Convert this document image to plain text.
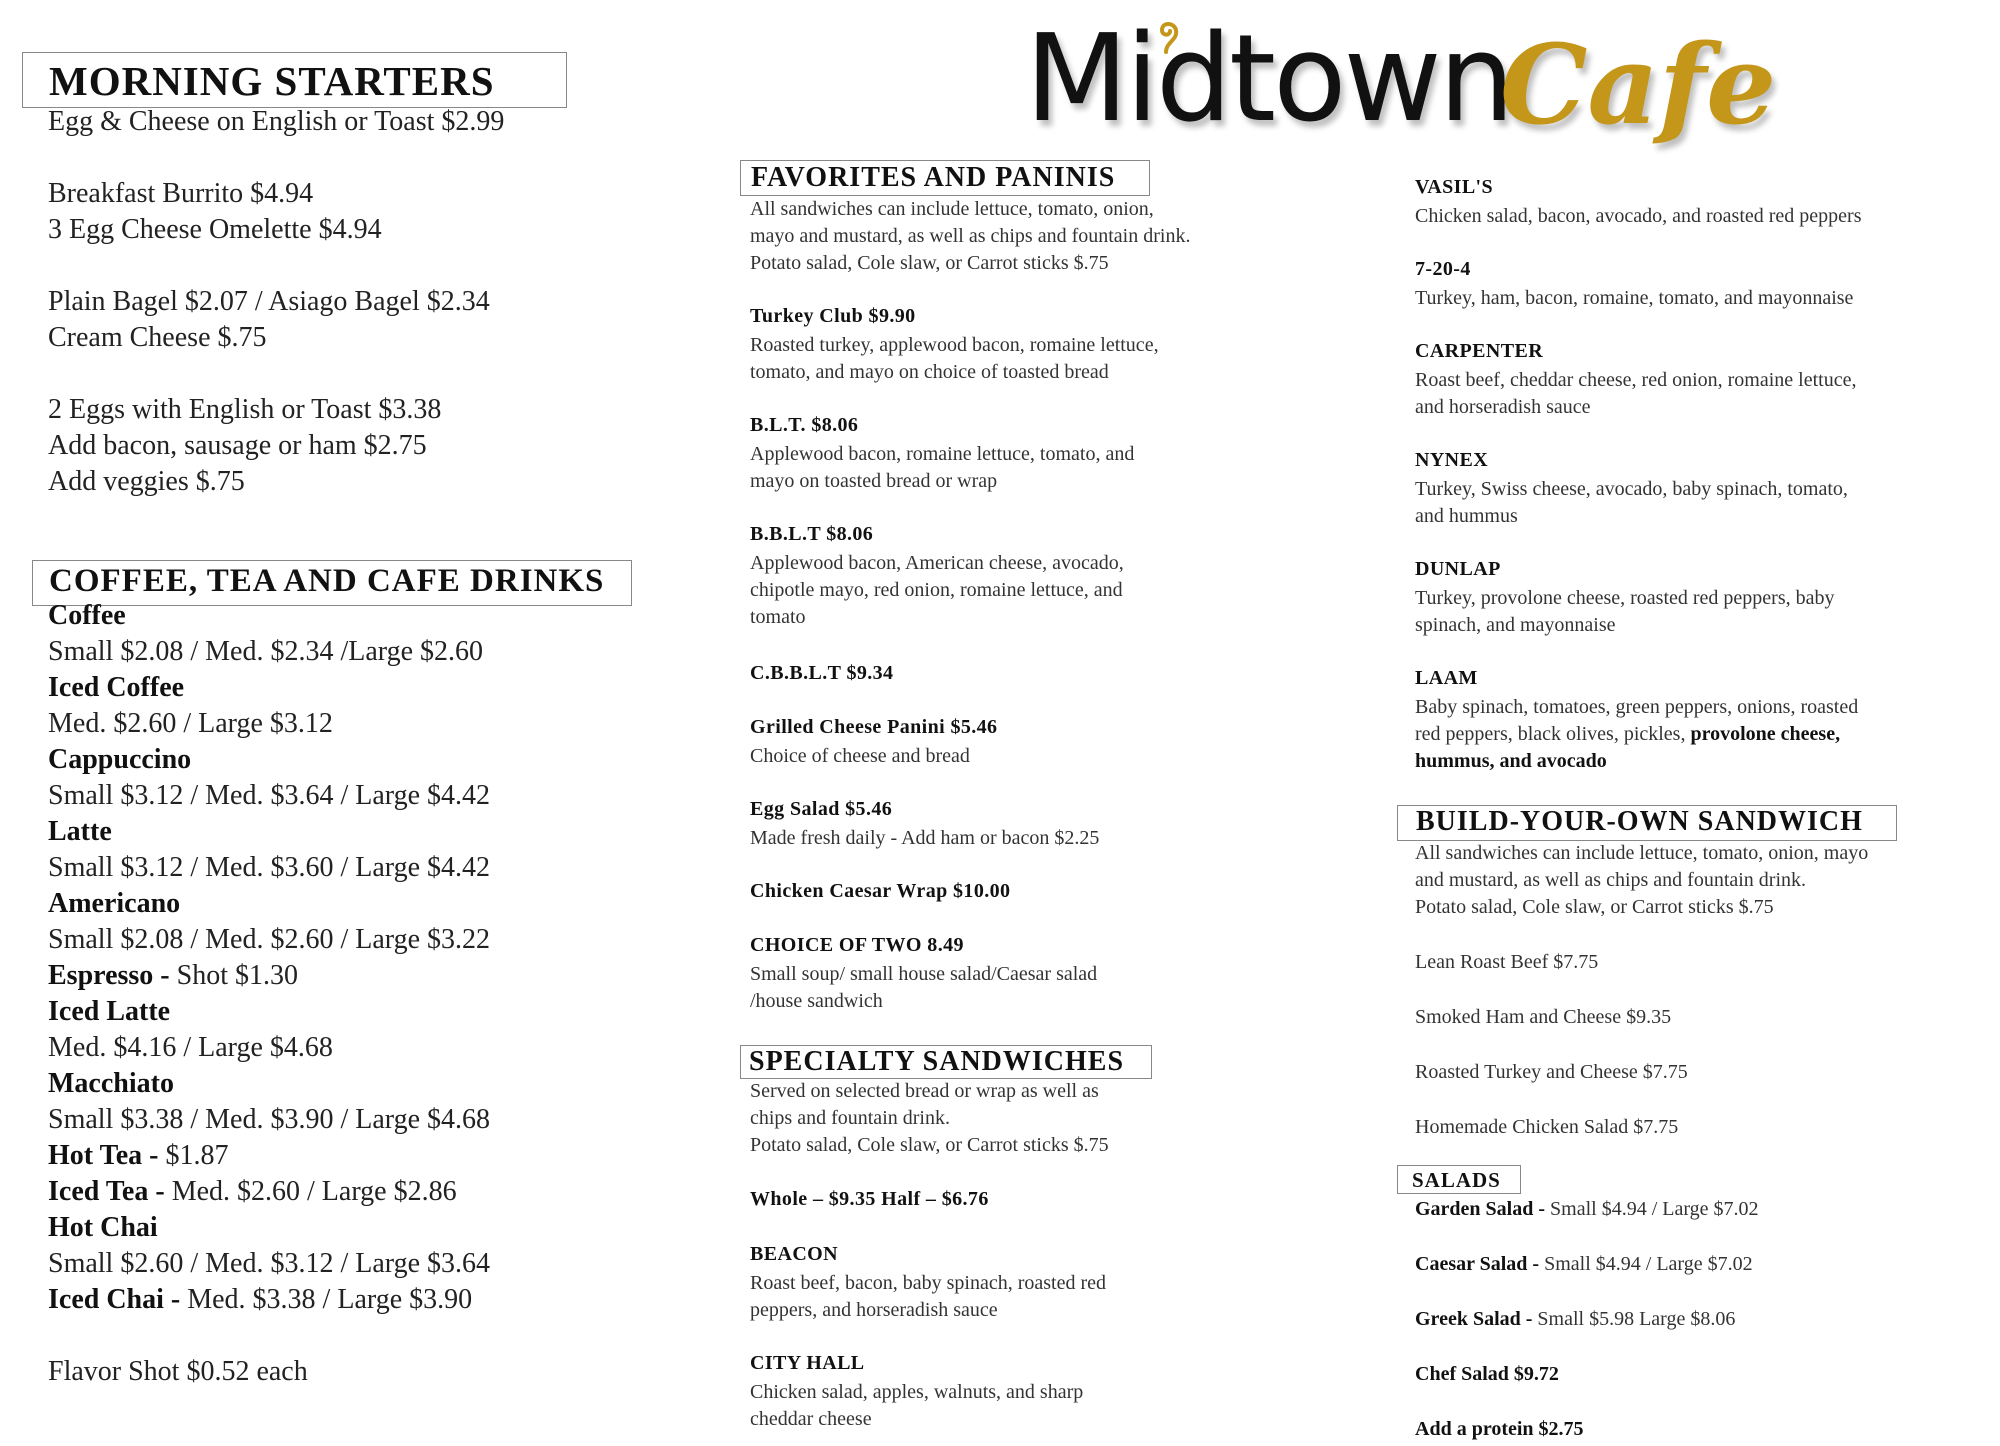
Midtown
Cafe
MORNING STARTERS
Egg & Cheese on English or Toast $2.99
Breakfast Burrito $4.94
3 Egg Cheese Omelette $4.94
Plain Bagel $2.07 / Asiago Bagel $2.34
Cream Cheese $.75
2 Eggs with English or Toast $3.38
Add bacon, sausage or ham $2.75
Add veggies $.75
COFFEE, TEA AND CAFE DRINKS
Coffee
Small $2.08 / Med. $2.34 /Large $2.60
Iced Coffee
Med. $2.60 / Large $3.12
Cappuccino
Small $3.12 / Med. $3.64 / Large $4.42
Latte
Small $3.12 / Med. $3.60 / Large $4.42
Americano
Small $2.08 / Med. $2.60 / Large $3.22
Espresso - Shot $1.30
Iced Latte
Med. $4.16 / Large $4.68
Macchiato
Small $3.38 / Med. $3.90 / Large $4.68
Hot Tea - $1.87
Iced Tea - Med. $2.60 / Large $2.86
Hot Chai
Small $2.60 / Med. $3.12 / Large $3.64
Iced Chai - Med. $3.38 / Large $3.90
Flavor Shot $0.52 each
FAVORITES AND PANINIS
All sandwiches can include lettuce, tomato, onion,
mayo and mustard, as well as chips and fountain drink.
Potato salad, Cole slaw, or Carrot sticks $.75
Turkey Club $9.90
Roasted turkey, applewood bacon, romaine lettuce,
tomato, and mayo on choice of toasted bread
B.L.T. $8.06
Applewood bacon, romaine lettuce, tomato, and
mayo on toasted bread or wrap
B.B.L.T $8.06
Applewood bacon, American cheese, avocado,
chipotle mayo, red onion, romaine lettuce, and
tomato
C.B.B.L.T $9.34
Grilled Cheese Panini $5.46
Choice of cheese and bread
Egg Salad $5.46
Made fresh daily - Add ham or bacon $2.25
Chicken Caesar Wrap $10.00
CHOICE OF TWO 8.49
Small soup/ small house salad/Caesar salad
/house sandwich
SPECIALTY SANDWICHES
Served on selected bread or wrap as well as
chips and fountain drink.
Potato salad, Cole slaw, or Carrot sticks $.75
Whole – $9.35 Half – $6.76
BEACON
Roast beef, bacon, baby spinach, roasted red
peppers, and horseradish sauce
CITY HALL
Chicken salad, apples, walnuts, and sharp
cheddar cheese
VASIL'S
Chicken salad, bacon, avocado, and roasted red peppers
7-20-4
Turkey, ham, bacon, romaine, tomato, and mayonnaise
CARPENTER
Roast beef, cheddar cheese, red onion, romaine lettuce,
and horseradish sauce
NYNEX
Turkey, Swiss cheese, avocado, baby spinach, tomato,
and hummus
DUNLAP
Turkey, provolone cheese, roasted red peppers, baby
spinach, and mayonnaise
LAAM
Baby spinach, tomatoes, green peppers, onions, roasted
red peppers, black olives, pickles, provolone cheese,
hummus, and avocado
BUILD-YOUR-OWN SANDWICH
All sandwiches can include lettuce, tomato, onion, mayo
and mustard, as well as chips and fountain drink.
Potato salad, Cole slaw, or Carrot sticks $.75
Lean Roast Beef $7.75
Smoked Ham and Cheese $9.35
Roasted Turkey and Cheese $7.75
Homemade Chicken Salad $7.75
SALADS
Garden Salad - Small $4.94 / Large $7.02
Caesar Salad - Small $4.94 / Large $7.02
Greek Salad - Small $5.98 Large $8.06
Chef Salad $9.72
Add a protein $2.75
